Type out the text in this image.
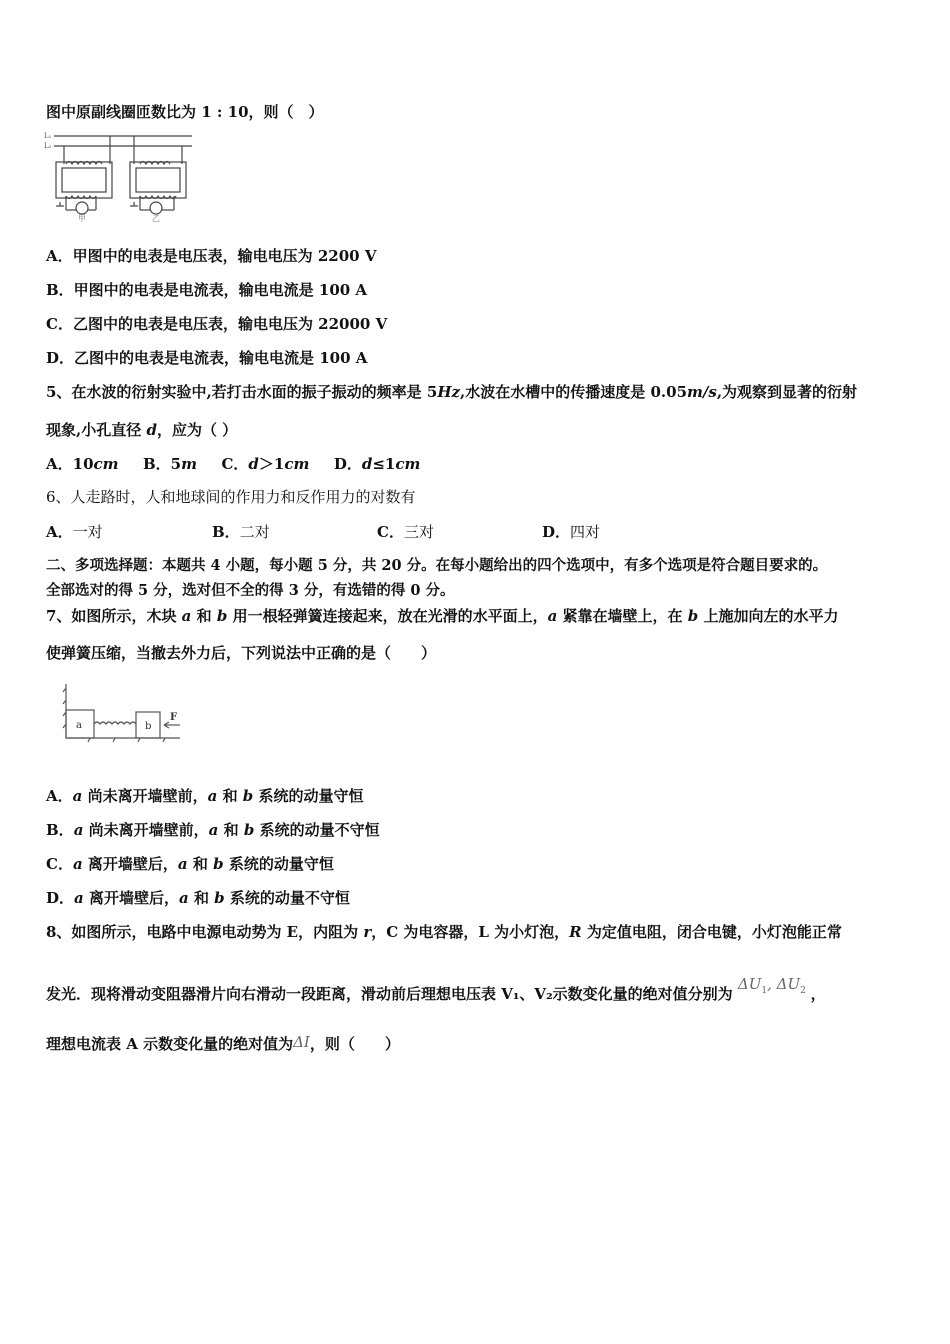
图中原副线圈匝数比为 1 : 10，则（　）
L₁
L₂
甲	乙
A．甲图中的电表是电压表，输电电压为 2200 V
B．甲图中的电表是电流表，输电电流是 100 A
C．乙图中的电表是电压表，输电电压为 22000 V
D．乙图中的电表是电流表，输电电流是 100 A
5、在水波的衍射实验中,若打击水面的振子振动的频率是 5Hz,水波在水槽中的传播速度是 0.05m/s,为观察到显著的衍射
现象,小孔直径 d，应为（ ）
A．10cm B．5m C．d＞1cm D．d≤1cm
6、人走路时，人和地球间的作用力和反作用力的对数有
A．一对	B．二对	C．三对	D．四对
二、多项选择题：本题共 4 小题，每小题 5 分，共 20 分。在每小题给出的四个选项中，有多个选项是符合题目要求的。
全部选对的得 5 分，选对但不全的得 3 分，有选错的得 0 分。
7、如图所示，木块 a 和 b 用一根轻弹簧连接起来，放在光滑的水平面上，a 紧靠在墙壁上，在 b 上施加向左的水平力
使弹簧压缩，当撤去外力后，下列说法中正确的是（　　）
a	b
F
A．a 尚未离开墙壁前，a 和 b 系统的动量守恒
B．a 尚未离开墙壁前，a 和 b 系统的动量不守恒
C．a 离开墙壁后，a 和 b 系统的动量守恒
D．a 离开墙壁后，a 和 b 系统的动量不守恒
8、如图所示，电路中电源电动势为 E，内阻为 r，C 为电容器，L 为小灯泡，R 为定值电阻，闭合电键，小灯泡能正常
发光．现将滑动变阻器滑片向右滑动一段距离，滑动前后理想电压表 V₁、V₂示数变化量的绝对值分别为 $\Delta U_1$, $\Delta U_2$ ，
理想电流表 A 示数变化量的绝对值为ΔI，则（　　）
